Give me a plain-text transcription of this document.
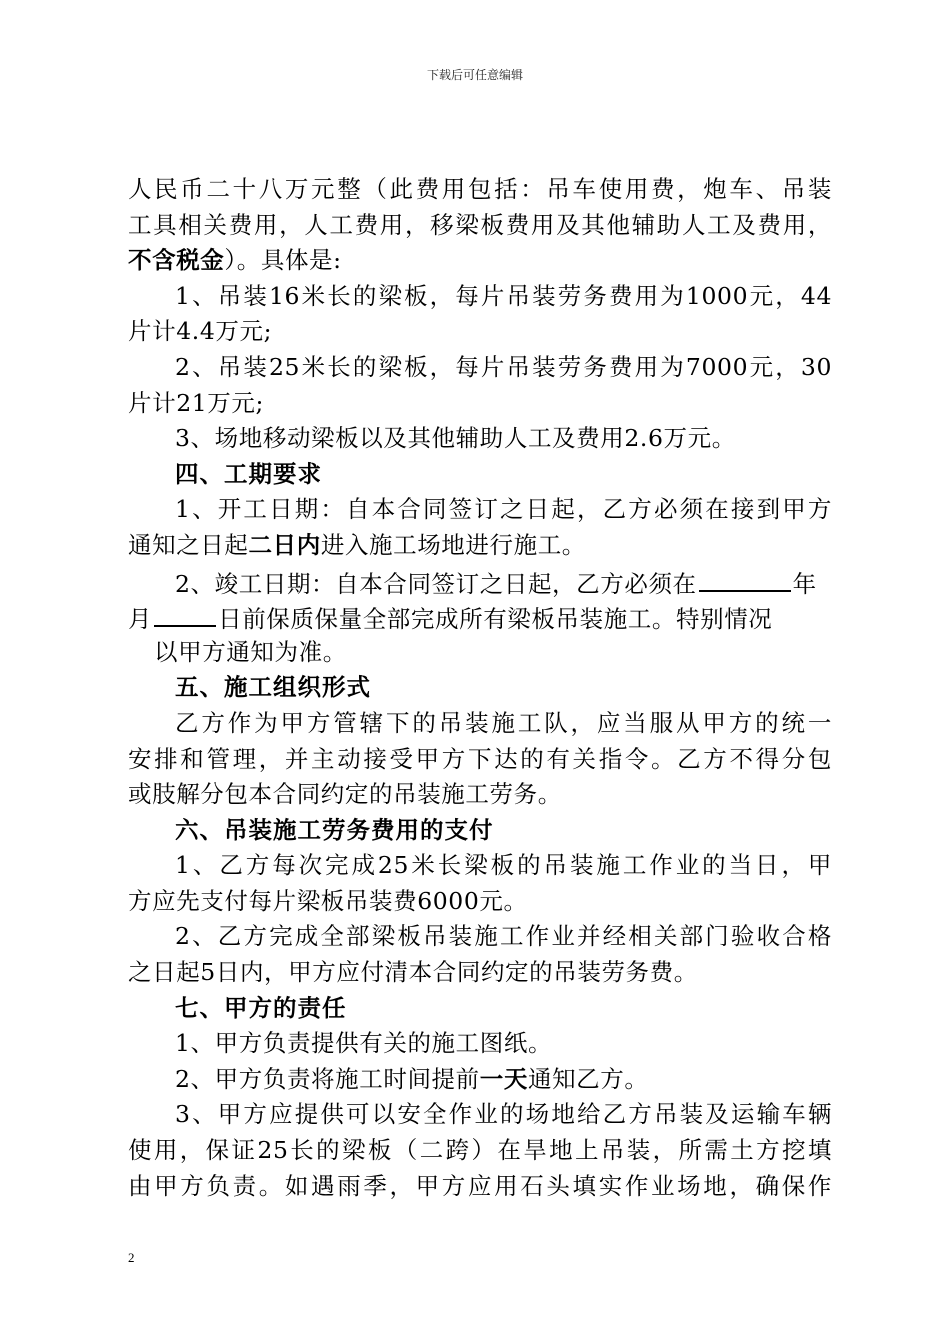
下载后可任意编辑
人民币二十八万元整（此费用包括：吊车使用费，炮车、吊装
工具相关费用，人工费用，移梁板费用及其他辅助人工及费用，
不含税金）。具体是:
1、吊装16米长的梁板，每片吊装劳务费用为1000元，44
片计4.4万元;
2、吊装25米长的梁板，每片吊装劳务费用为7000元，30
片计21万元;
3、场地移动梁板以及其他辅助人工及费用2.6万元。
四、工期要求
1、开工日期：自本合同签订之日起，乙方必须在接到甲方
通知之日起二日内进入施工场地进行施工。
2、竣工日期：自本合同签订之日起，乙方必须在	年
月	日前保质保量全部完成所有梁板吊装施工。特别情况
以甲方通知为准。
五、施工组织形式
乙方作为甲方管辖下的吊装施工队，应当服从甲方的统一
安排和管理，并主动接受甲方下达的有关指令。乙方不得分包
或肢解分包本合同约定的吊装施工劳务。
六、吊装施工劳务费用的支付
1、乙方每次完成25米长梁板的吊装施工作业的当日，甲
方应先支付每片梁板吊装费6000元。
2、乙方完成全部梁板吊装施工作业并经相关部门验收合格
之日起5日内，甲方应付清本合同约定的吊装劳务费。
七、甲方的责任
1、甲方负责提供有关的施工图纸。
2、甲方负责将施工时间提前一天通知乙方。
3、甲方应提供可以安全作业的场地给乙方吊装及运输车辆
使用，保证25长的梁板（二跨）在旱地上吊装，所需土方挖填
由甲方负责。如遇雨季，甲方应用石头填实作业场地，确保作
2
